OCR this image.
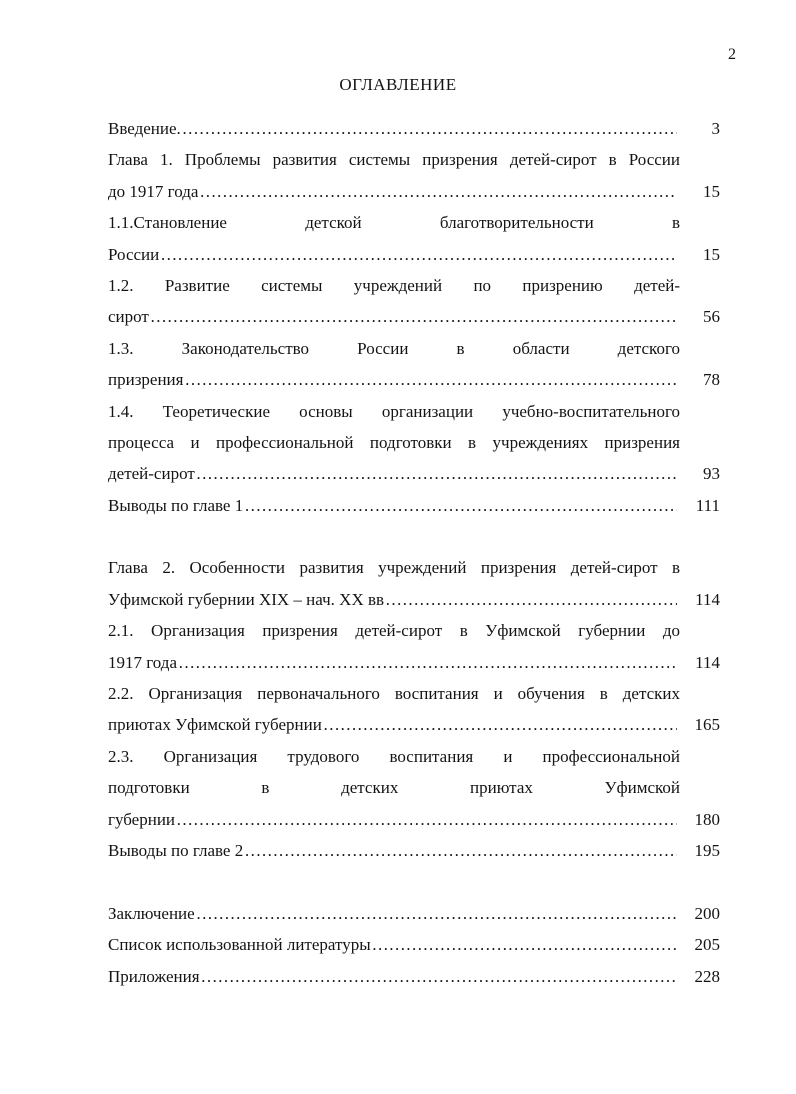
2
ОГЛАВЛЕНИЕ
Введение. …………………………………………………………………………………………………………………………………………………	3
Глава 1. Проблемы развития системы призрения детей-сирот в России
до 1917 года …………………………………………………………………………………………………………………………………………………	15
1.1.Становление детской благотворительности в
России …………………………………………………………………………………………………………………………………………………	15
1.2. Развитие системы учреждений по призрению детей-
сирот …………………………………………………………………………………………………………………………………………………	56
1.3. Законодательство России в области детского
призрения …………………………………………………………………………………………………………………………………………………	78
1.4. Теоретические основы организации учебно-воспитательного
процесса и профессиональной подготовки в учреждениях призрения
детей-сирот …………………………………………………………………………………………………………………………………………………	93
Выводы по главе 1 …………………………………………………………………………………………………………………………………………………	111
Глава 2. Особенности развития учреждений призрения детей-сирот в
Уфимской губернии XIX – нач. XX вв …………………………………………………………………………………………………………………………………………………	114
2.1. Организация призрения детей-сирот в Уфимской губернии до
1917 года …………………………………………………………………………………………………………………………………………………	114
2.2. Организация первоначального воспитания и обучения в детских
приютах Уфимской губернии …………………………………………………………………………………………………………………………………………………	165
2.3. Организация трудового воспитания и профессиональной
подготовки в детских приютах Уфимской
губернии …………………………………………………………………………………………………………………………………………………	180
Выводы по главе 2 …………………………………………………………………………………………………………………………………………………	195
Заключение …………………………………………………………………………………………………………………………………………………	200
Список использованной литературы …………………………………………………………………………………………………………………………………………………	205
Приложения …………………………………………………………………………………………………………………………………………………	228
